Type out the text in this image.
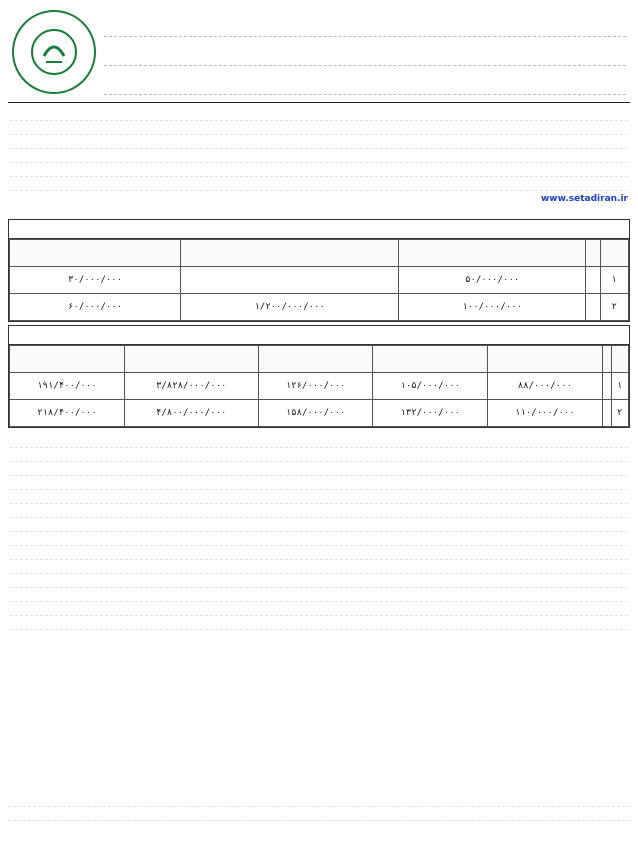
www.setadiran.ir

۱		۵۰/۰۰۰/۰۰۰		۳۰/۰۰۰/۰۰۰
۲		۱۰۰/۰۰۰/۰۰۰	۱/۲۰۰/۰۰۰/۰۰۰	۶۰/۰۰۰/۰۰۰

۱		۸۸/۰۰۰/۰۰۰	۱۰۵/۰۰۰/۰۰۰	۱۲۶/۰۰۰/۰۰۰	۳/۸۲۸/۰۰۰/۰۰۰	۱۹۱/۴۰۰/۰۰۰
۲		۱۱۰/۰۰۰/۰۰۰	۱۳۲/۰۰۰/۰۰۰	۱۵۸/۰۰۰/۰۰۰	۴/۸۰۰/۰۰۰/۰۰۰	۲۱۸/۴۰۰/۰۰۰
